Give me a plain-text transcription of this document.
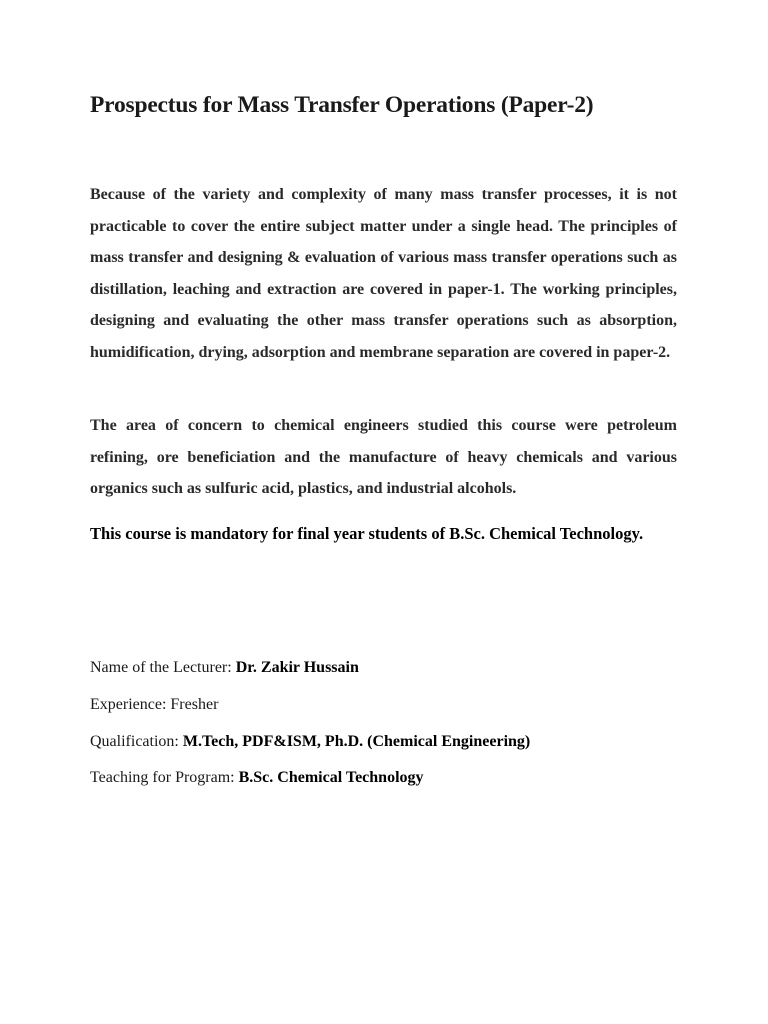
Prospectus for Mass Transfer Operations (Paper-2)

Because of the variety and complexity of many mass transfer processes, it is not practicable to cover the entire subject matter under a single head. The principles of mass transfer and designing & evaluation of various mass transfer operations such as distillation, leaching and extraction are covered in paper-1. The working principles, designing and evaluating the other mass transfer operations such as absorption, humidification, drying, adsorption and membrane separation are covered in paper-2.

The area of concern to chemical engineers studied this course were petroleum refining, ore beneficiation and the manufacture of heavy chemicals and various organics such as sulfuric acid, plastics, and industrial alcohols.

This course is mandatory for final year students of B.Sc. Chemical Technology.

Name of the Lecturer: Dr. Zakir Hussain

Experience: Fresher

Qualification: M.Tech, PDF&ISM, Ph.D. (Chemical Engineering)

Teaching for Program: B.Sc. Chemical Technology
